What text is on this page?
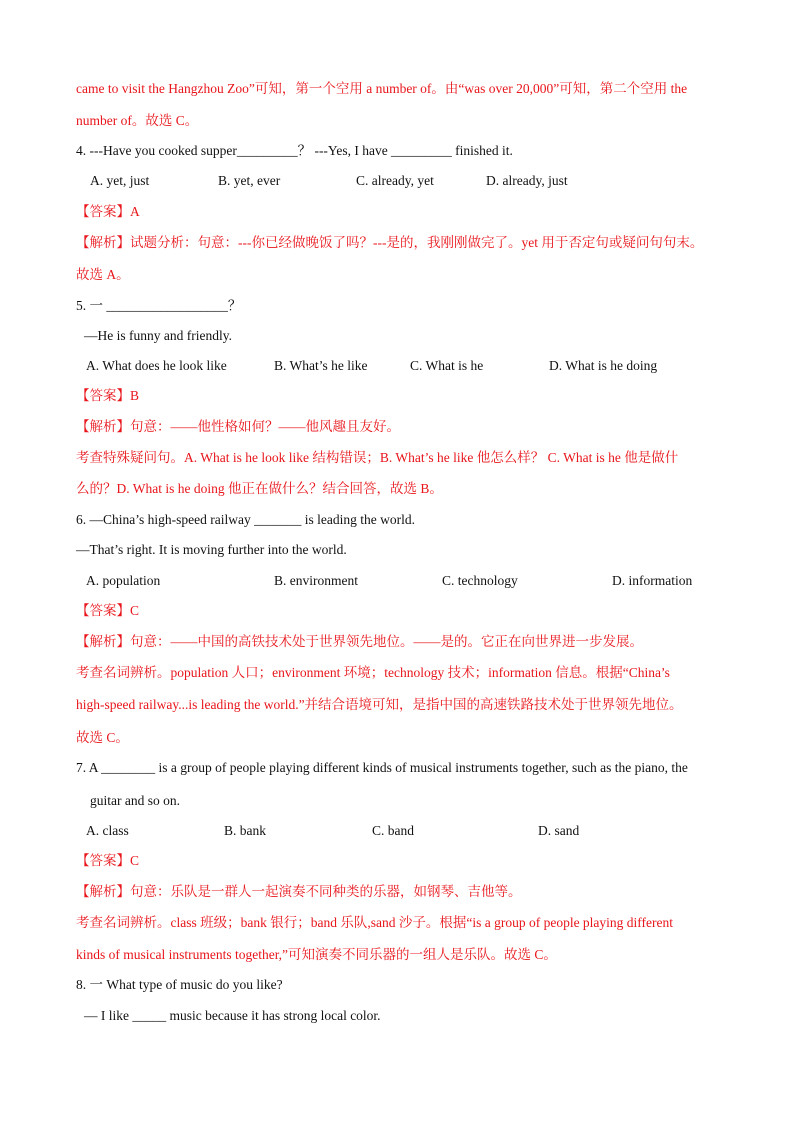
came to visit the Hangzhou Zoo”可知，第一个空用 a number of。由“was over 20,000”可知，第二个空用 the
number of。故选 C。
4. ---Have you cooked supper_________？ ---Yes, I have _________ finished it.
A. yet, just	B. yet, ever	C. already, yet	D. already, just
【答案】A
【解析】试题分析：句意：---你已经做晚饭了吗？---是的，我刚刚做完了。yet 用于否定句或疑问句句末。
故选 A。
5. 一 __________________？
—He is funny and friendly.
A. What does he look like	B. What’s he like	C. What is he	D. What is he doing
【答案】B
【解析】句意：——他性格如何？——他风趣且友好。
考查特殊疑问句。A. What is he look like 结构错误；B. What’s he like 他怎么样？ C. What is he 他是做什
么的？D. What is he doing 他正在做什么？结合回答，故选 B。
6. —China’s high-speed railway _______ is leading the world.
—That’s right. It is moving further into the world.
A. population	B. environment	C. technology	D. information
【答案】C
【解析】句意：——中国的高铁技术处于世界领先地位。——是的。它正在向世界进一步发展。
考查名词辨析。population 人口；environment 环境；technology 技术；information 信息。根据“China’s
high-speed railway...is leading the world.”并结合语境可知，是指中国的高速铁路技术处于世界领先地位。
故选 C。
7. A ________ is a group of people playing different kinds of musical instruments together, such as the piano, the
guitar and so on.
A. class	B. bank	C. band	D. sand
【答案】C
【解析】句意：乐队是一群人一起演奏不同种类的乐器，如钢琴、吉他等。
考查名词辨析。class 班级；bank 银行；band 乐队,sand 沙子。根据“is a group of people playing different
kinds of musical instruments together,”可知演奏不同乐器的一组人是乐队。故选 C。
8. 一 What type of music do you like?
— I like _____ music because it has strong local color.
